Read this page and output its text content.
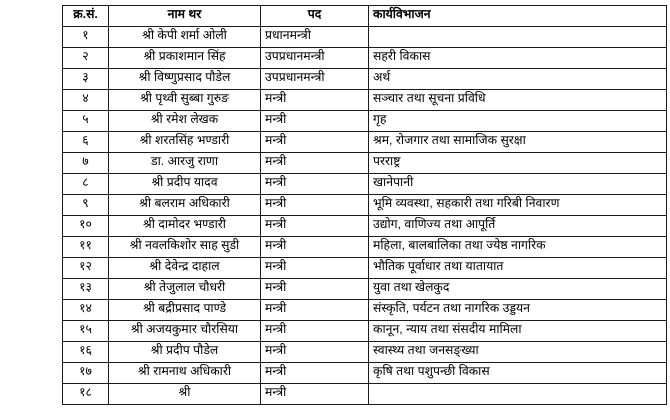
क्र.सं.	नाम थर	पद	कार्यविभाजन
१	श्री केपी शर्मा ओली	प्रधानमन्त्री	
२	श्री प्रकाशमान सिंह	उपप्रधानमन्त्री	सहरी विकास
३	श्री विष्णुप्रसाद पौडेल	उपप्रधानमन्त्री	अर्थ
४	श्री पृथ्वी सुब्बा गुरुङ	मन्त्री	सञ्चार तथा सूचना प्रविधि
५	श्री रमेश लेखक	मन्त्री	गृह
६	श्री शरतसिंह भण्डारी	मन्त्री	श्रम, रोजगार तथा सामाजिक सुरक्षा
७	डा. आरजु राणा	मन्त्री	परराष्ट्र
८	श्री प्रदीप यादव	मन्त्री	खानेपानी
९	श्री बलराम अधिकारी	मन्त्री	भूमि व्यवस्था, सहकारी तथा गरिबी निवारण
१०	श्री दामोदर भण्डारी	मन्त्री	उद्योग, वाणिज्य तथा आपूर्ति
११	श्री नवलकिशोर साह सुडी	मन्त्री	महिला, बालबालिका तथा ज्येष्ठ नागरिक
१२	श्री देवेन्द्र दाहाल	मन्त्री	भौतिक पूर्वाधार तथा यातायात
१३	श्री तेजुलाल चौधरी	मन्त्री	युवा तथा खेलकुद
१४	श्री बद्रीप्रसाद पाण्डे	मन्त्री	संस्कृति, पर्यटन तथा नागरिक उड्डयन
१५	श्री अजयकुमार चौरसिया	मन्त्री	कानून, न्याय तथा संसदीय मामिला
१६	श्री प्रदीप पौडेल	मन्त्री	स्वास्थ्य तथा जनसङ्ख्या
१७	श्री रामनाथ अधिकारी	मन्त्री	कृषि तथा पशुपन्छी विकास
१८	श्री	मन्त्री	
